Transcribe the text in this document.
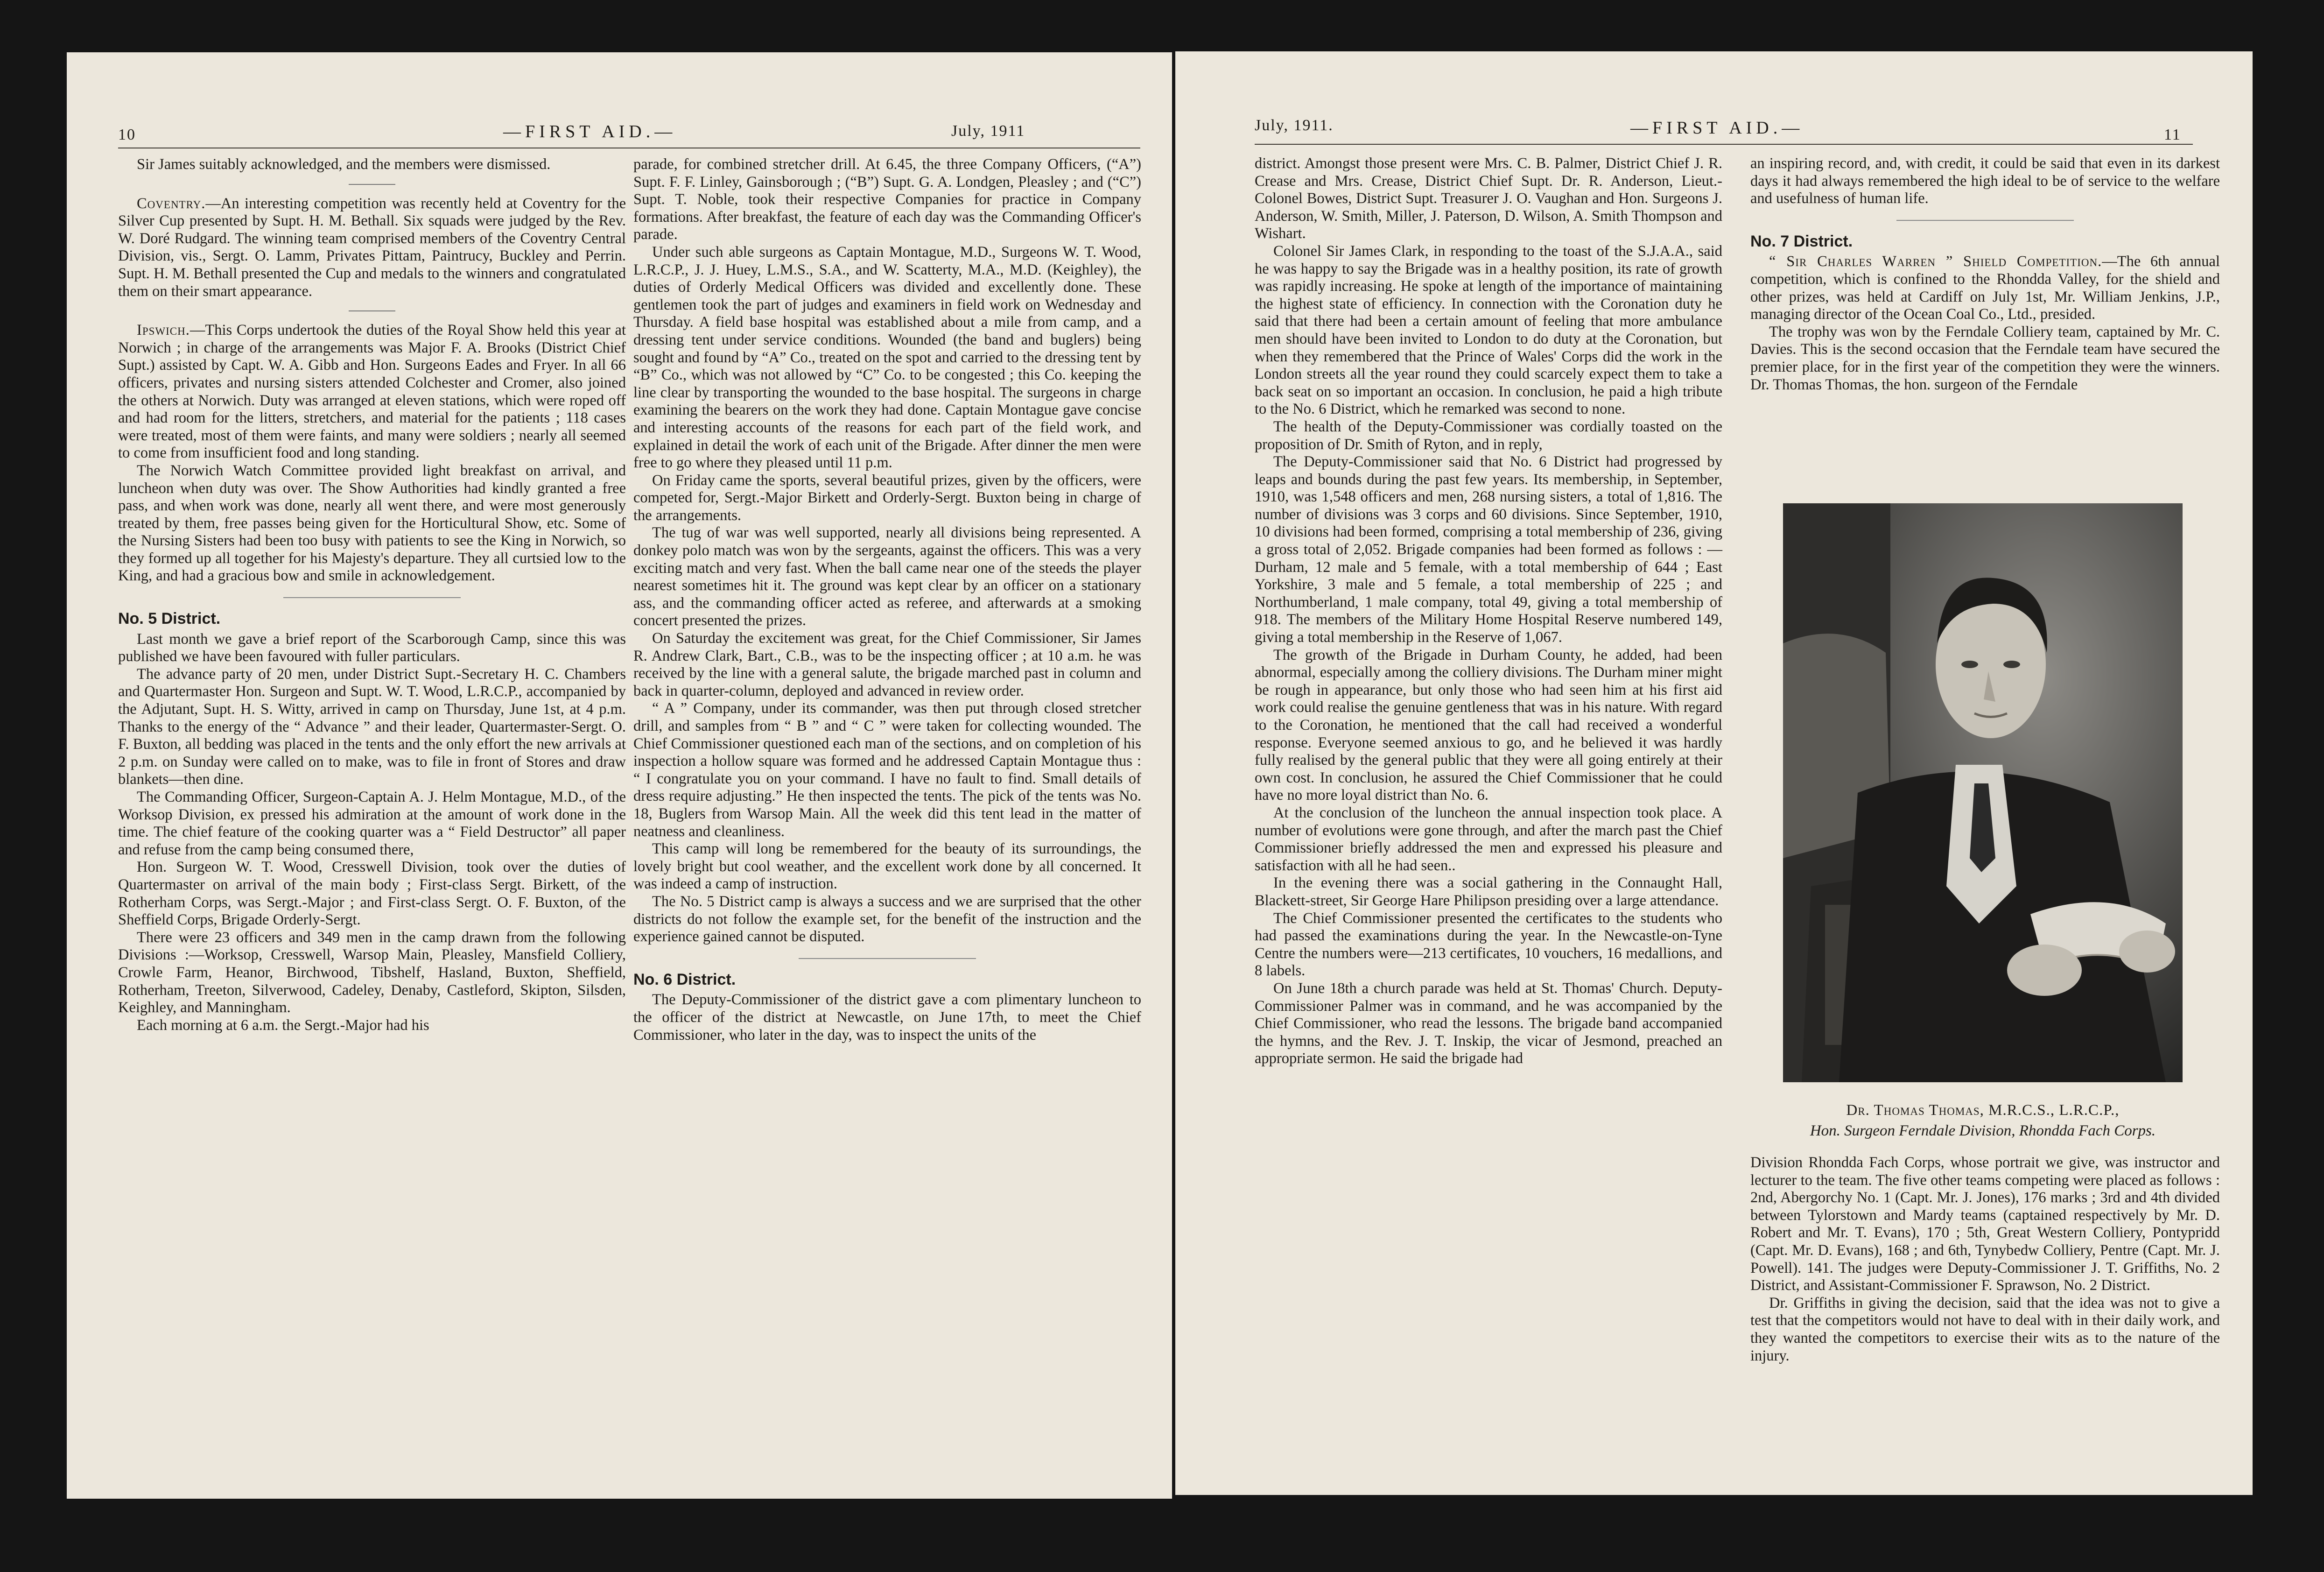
10	—FIRST AID.—	July, 1911

Sir James suitably acknowledged, and the members were dismissed.

Coventry.—An interesting competition was recently held at Coventry for the Silver Cup presented by Supt. H. M. Bethall. Six squads were judged by the Rev. W. Doré Rudgard. The winning team comprised members of the Coventry Central Division, vis., Sergt. O. Lamm, Privates Pittam, Paintrucy, Buckley and Perrin. Supt. H. M. Bethall presented the Cup and medals to the winners and congratulated them on their smart appearance.

Ipswich.—This Corps undertook the duties of the Royal Show held this year at Norwich ; in charge of the arrangements was Major F. A. Brooks (District Chief Supt.) assisted by Capt. W. A. Gibb and Hon. Surgeons Eades and Fryer. In all 66 officers, privates and nursing sisters attended Colchester and Cromer, also joined the others at Norwich. Duty was arranged at eleven stations, which were roped off and had room for the litters, stretchers, and material for the patients ; 118 cases were treated, most of them were faints, and many were soldiers ; nearly all seemed to come from insufficient food and long standing.

The Norwich Watch Committee provided light breakfast on arrival, and luncheon when duty was over. The Show Authorities had kindly granted a free pass, and when work was done, nearly all went there, and were most generously treated by them, free passes being given for the Horticultural Show, etc. Some of the Nursing Sisters had been too busy with patients to see the King in Norwich, so they formed up all together for his Majesty's departure. They all curtsied low to the King, and had a gracious bow and smile in acknowledgement.

No. 5 District.

Last month we gave a brief report of the Scarborough Camp, since this was published we have been favoured with fuller particulars.

The advance party of 20 men, under District Supt.-Secretary H. C. Chambers and Quartermaster Hon. Surgeon and Supt. W. T. Wood, L.R.C.P., accompanied by the Adjutant, Supt. H. S. Witty, arrived in camp on Thursday, June 1st, at 4 p.m. Thanks to the energy of the “ Advance ” and their leader, Quartermaster-Sergt. O. F. Buxton, all bedding was placed in the tents and the only effort the new arrivals at 2 p.m. on Sunday were called on to make, was to file in front of Stores and draw blankets—then dine.

The Commanding Officer, Surgeon-Captain A. J. Helm Montague, M.D., of the Worksop Division, ex pressed his admiration at the amount of work done in the time. The chief feature of the cooking quarter was a “ Field Destructor” all paper and refuse from the camp being consumed there,

Hon. Surgeon W. T. Wood, Cresswell Division, took over the duties of Quartermaster on arrival of the main body ; First-class Sergt. Birkett, of the Rotherham Corps, was Sergt.-Major ; and First-class Sergt. O. F. Buxton, of the Sheffield Corps, Brigade Orderly-Sergt.

There were 23 officers and 349 men in the camp drawn from the following Divisions :—Worksop, Cresswell, Warsop Main, Pleasley, Mansfield Colliery, Crowle Farm, Heanor, Birchwood, Tibshelf, Hasland, Buxton, Sheffield, Rotherham, Treeton, Silverwood, Cadeley, Denaby, Castleford, Skipton, Silsden, Keighley, and Manningham.

Each morning at 6 a.m. the Sergt.-Major had his

parade, for combined stretcher drill. At 6.45, the three Company Officers, (“A”) Supt. F. F. Linley, Gainsborough ; (“B”) Supt. G. A. Londgen, Pleasley ; and (“C”) Supt. T. Noble, took their respective Companies for practice in Company formations. After breakfast, the feature of each day was the Commanding Officer's parade.

Under such able surgeons as Captain Montague, M.D., Surgeons W. T. Wood, L.R.C.P., J. J. Huey, L.M.S., S.A., and W. Scatterty, M.A., M.D. (Keighley), the duties of Orderly Medical Officers was divided and excellently done. These gentlemen took the part of judges and examiners in field work on Wednesday and Thursday. A field base hospital was established about a mile from camp, and a dressing tent under service conditions. Wounded (the band and buglers) being sought and found by “A” Co., treated on the spot and carried to the dressing tent by “B” Co., which was not allowed by “C” Co. to be congested ; this Co. keeping the line clear by transporting the wounded to the base hospital. The surgeons in charge examining the bearers on the work they had done. Captain Montague gave concise and interesting accounts of the reasons for each part of the field work, and explained in detail the work of each unit of the Brigade. After dinner the men were free to go where they pleased until 11 p.m.

On Friday came the sports, several beautiful prizes, given by the officers, were competed for, Sergt.-Major Birkett and Orderly-Sergt. Buxton being in charge of the arrangements.

The tug of war was well supported, nearly all divisions being represented. A donkey polo match was won by the sergeants, against the officers. This was a very exciting match and very fast. When the ball came near one of the steeds the player nearest sometimes hit it. The ground was kept clear by an officer on a stationary ass, and the commanding officer acted as referee, and afterwards at a smoking concert presented the prizes.

On Saturday the excitement was great, for the Chief Commissioner, Sir James R. Andrew Clark, Bart., C.B., was to be the inspecting officer ; at 10 a.m. he was received by the line with a general salute, the brigade marched past in column and back in quarter-column, deployed and advanced in review order.

“ A ” Company, under its commander, was then put through closed stretcher drill, and samples from “ B ” and “ C ” were taken for collecting wounded. The Chief Commissioner questioned each man of the sections, and on completion of his inspection a hollow square was formed and he addressed Captain Montague thus : “ I congratulate you on your command. I have no fault to find. Small details of dress require adjusting.” He then inspected the tents. The pick of the tents was No. 18, Buglers from Warsop Main. All the week did this tent lead in the matter of neatness and cleanliness.

This camp will long be remembered for the beauty of its surroundings, the lovely bright but cool weather, and the excellent work done by all concerned. It was indeed a camp of instruction.

The No. 5 District camp is always a success and we are surprised that the other districts do not follow the example set, for the benefit of the instruction and the experience gained cannot be disputed.

No. 6 District.

The Deputy-Commissioner of the district gave a com plimentary luncheon to the officer of the district at Newcastle, on June 17th, to meet the Chief Commissioner, who later in the day, was to inspect the units of the

July, 1911.	—FIRST AID.—	11

district. Amongst those present were Mrs. C. B. Palmer, District Chief J. R. Crease and Mrs. Crease, District Chief Supt. Dr. R. Anderson, Lieut.-Colonel Bowes, District Supt. Treasurer J. O. Vaughan and Hon. Surgeons J. Anderson, W. Smith, Miller, J. Paterson, D. Wilson, A. Smith Thompson and Wishart.

Colonel Sir James Clark, in responding to the toast of the S.J.A.A., said he was happy to say the Brigade was in a healthy position, its rate of growth was rapidly increasing. He spoke at length of the importance of maintaining the highest state of efficiency. In connection with the Coronation duty he said that there had been a certain amount of feeling that more ambulance men should have been invited to London to do duty at the Coronation, but when they remembered that the Prince of Wales' Corps did the work in the London streets all the year round they could scarcely expect them to take a back seat on so important an occasion. In conclusion, he paid a high tribute to the No. 6 District, which he remarked was second to none.

The health of the Deputy-Commissioner was cordially toasted on the proposition of Dr. Smith of Ryton, and in reply,

The Deputy-Commissioner said that No. 6 District had progressed by leaps and bounds during the past few years. Its membership, in September, 1910, was 1,548 officers and men, 268 nursing sisters, a total of 1,816. The number of divisions was 3 corps and 60 divisions. Since September, 1910, 10 divisions had been formed, comprising a total membership of 236, giving a gross total of 2,052. Brigade companies had been formed as follows : —Durham, 12 male and 5 female, with a total membership of 644 ; East Yorkshire, 3 male and 5 female, a total membership of 225 ; and Northumberland, 1 male company, total 49, giving a total membership of 918. The members of the Military Home Hospital Reserve numbered 149, giving a total membership in the Reserve of 1,067.

The growth of the Brigade in Durham County, he added, had been abnormal, especially among the colliery divisions. The Durham miner might be rough in appearance, but only those who had seen him at his first aid work could realise the genuine gentleness that was in his nature. With regard to the Coronation, he mentioned that the call had received a wonderful response. Everyone seemed anxious to go, and he believed it was hardly fully realised by the general public that they were all going entirely at their own cost. In conclusion, he assured the Chief Commissioner that he could have no more loyal district than No. 6.

At the conclusion of the luncheon the annual inspection took place. A number of evolutions were gone through, and after the march past the Chief Commissioner briefly addressed the men and expressed his pleasure and satisfaction with all he had seen..

In the evening there was a social gathering in the Connaught Hall, Blackett-street, Sir George Hare Philipson presiding over a large attendance.

The Chief Commissioner presented the certificates to the students who had passed the examinations during the year. In the Newcastle-on-Tyne Centre the numbers were—213 certificates, 10 vouchers, 16 medallions, and 8 labels.

On June 18th a church parade was held at St. Thomas' Church. Deputy-Commissioner Palmer was in command, and he was accompanied by the Chief Commissioner, who read the lessons. The brigade band accompanied the hymns, and the Rev. J. T. Inskip, the vicar of Jesmond, preached an appropriate sermon. He said the brigade had

an inspiring record, and, with credit, it could be said that even in its darkest days it had always remembered the high ideal to be of service to the welfare and usefulness of human life.

No. 7 District.

“ Sir Charles Warren ” Shield Competition.—The 6th annual competition, which is confined to the Rhondda Valley, for the shield and other prizes, was held at Cardiff on July 1st, Mr. William Jenkins, J.P., managing director of the Ocean Coal Co., Ltd., presided.

The trophy was won by the Ferndale Colliery team, captained by Mr. C. Davies. This is the second occasion that the Ferndale team have secured the premier place, for in the first year of the competition they were the winners. Dr. Thomas Thomas, the hon. surgeon of the Ferndale

Dr. Thomas Thomas, M.R.C.S., L.R.C.P.,
Hon. Surgeon Ferndale Division, Rhondda Fach Corps.

Division Rhondda Fach Corps, whose portrait we give, was instructor and lecturer to the team. The five other teams competing were placed as follows : 2nd, Abergorchy No. 1 (Capt. Mr. J. Jones), 176 marks ; 3rd and 4th divided between Tylorstown and Mardy teams (captained respectively by Mr. D. Robert and Mr. T. Evans), 170 ; 5th, Great Western Colliery, Pontypridd (Capt. Mr. D. Evans), 168 ; and 6th, Tynybedw Colliery, Pentre (Capt. Mr. J. Powell). 141. The judges were Deputy-Commissioner J. T. Griffiths, No. 2 District, and Assistant-Commissioner F. Sprawson, No. 2 District.

Dr. Griffiths in giving the decision, said that the idea was not to give a test that the competitors would not have to deal with in their daily work, and they wanted the competitors to exercise their wits as to the nature of the injury.
